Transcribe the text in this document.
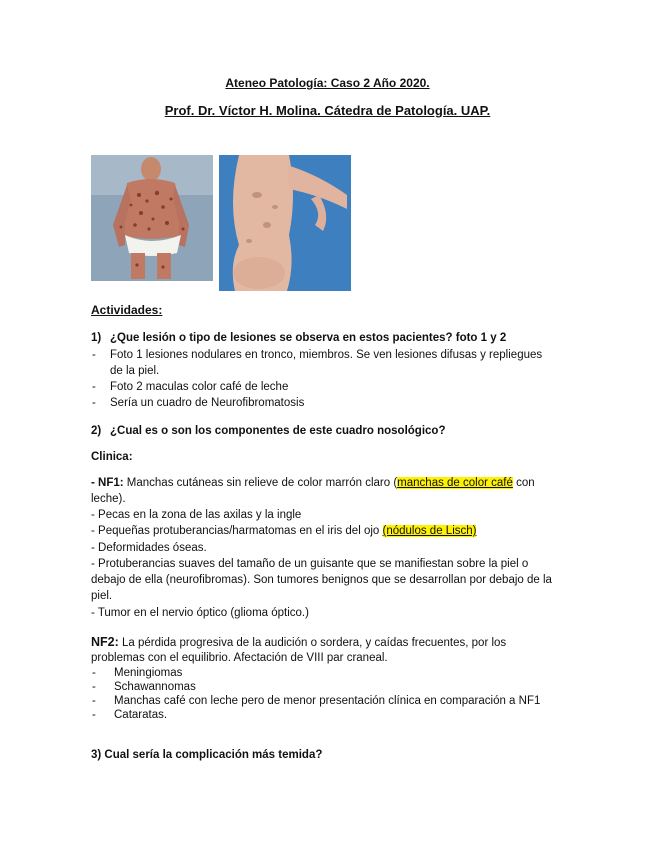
Ateneo Patología: Caso 2 Año 2020.
Prof. Dr. Víctor H. Molina. Cátedra de Patología. UAP.
Actividades:
1) ¿Que lesión o tipo de lesiones se observa en estos pacientes? foto 1 y 2
- Foto 1 lesiones nodulares en tronco, miembros. Se ven lesiones difusas y repliegues
de la piel.
- Foto 2 maculas color café de leche
- Sería un cuadro de Neurofibromatosis
2) ¿Cual es o son los componentes de este cuadro nosológico?
Clinica:
- NF1: Manchas cutáneas sin relieve de color marrón claro (manchas de color café con
leche).
- Pecas en la zona de las axilas y la ingle
- Pequeñas protuberancias/harmatomas en el iris del ojo (nódulos de Lisch)
- Deformidades óseas.
- Protuberancias suaves del tamaño de un guisante que se manifiestan sobre la piel o
debajo de ella (neurofibromas). Son tumores benignos que se desarrollan por debajo de la
piel.
- Tumor en el nervio óptico (glioma óptico.)
NF2: La pérdida progresiva de la audición o sordera, y caídas frecuentes, por los
problemas con el equilibrio. Afectación de VIII par craneal.
- Meningiomas
- Schawannomas
- Manchas café con leche pero de menor presentación clínica en comparación a NF1
- Cataratas.
3) Cual sería la complicación más temida?
